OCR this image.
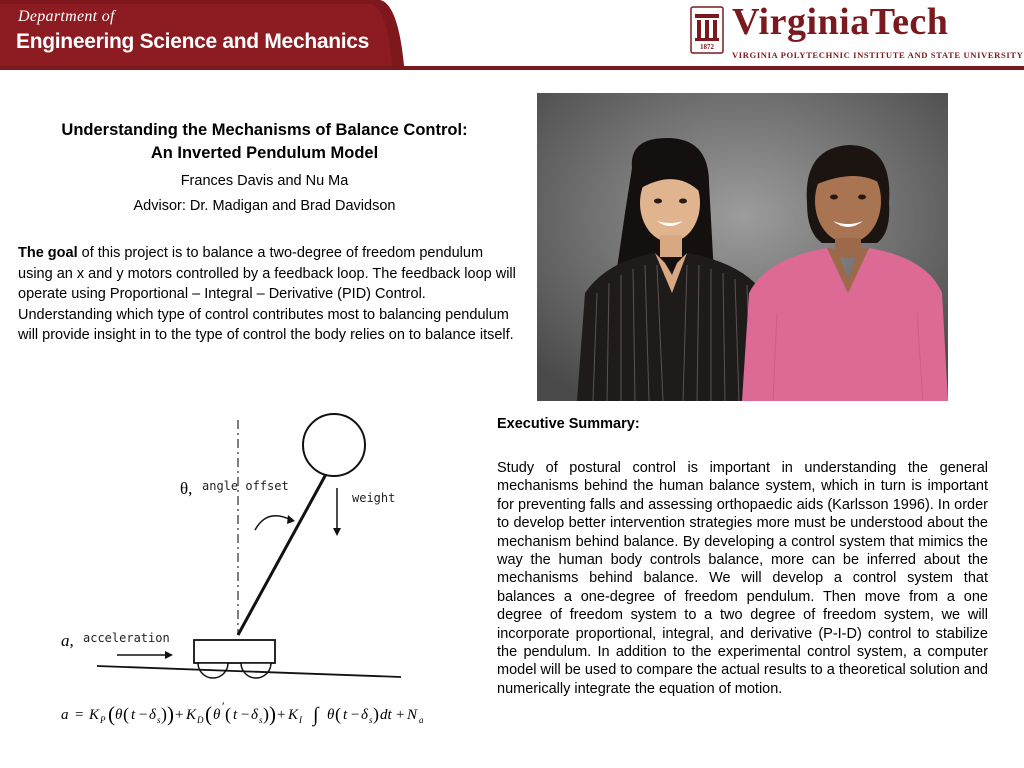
Department of
Engineering Science and Mechanics	1872
VirginiaTech
VIRGINIA POLYTECHNIC INSTITUTE AND STATE UNIVERSITY

Understanding the Mechanisms of Balance Control:
An Inverted Pendulum Model

Frances Davis and Nu Ma
Advisor: Dr. Madigan and Brad Davidson
The goal of this project is to balance a two-degree of freedom pendulum using an x and y motors controlled by a feedback loop. The feedback loop will operate using Proportional – Integral – Derivative (PID) Control. Understanding which type of control contributes most to balancing pendulum will provide insight in to the type of control the body relies on to balance itself.
weight
θ, angle offset
a, acceleration
a = K P ( θ ( t − δ s ) ) + K D ( θ
′ ( t − δ s ) ) + K I ∫ θ ( t − δ s ) dt + N a
Executive Summary:
Study of postural control is important in understanding the general mechanisms behind the human balance system, which in turn is important for preventing falls and assessing orthopaedic aids (Karlsson 1996). In order to develop better intervention strategies more must be understood about the mechanism behind balance. By developing a control system that mimics the way the human body controls balance, more can be inferred about the mechanisms behind balance. We will develop a control system that balances a one-degree of freedom pendulum. Then move from a one degree of freedom system to a two degree of freedom system, we will incorporate proportional, integral, and derivative (P-I-D) control to stabilize the pendulum. In addition to the experimental control system, a computer model will be used to compare the actual results to a theoretical solution and numerically integrate the equation of motion.
